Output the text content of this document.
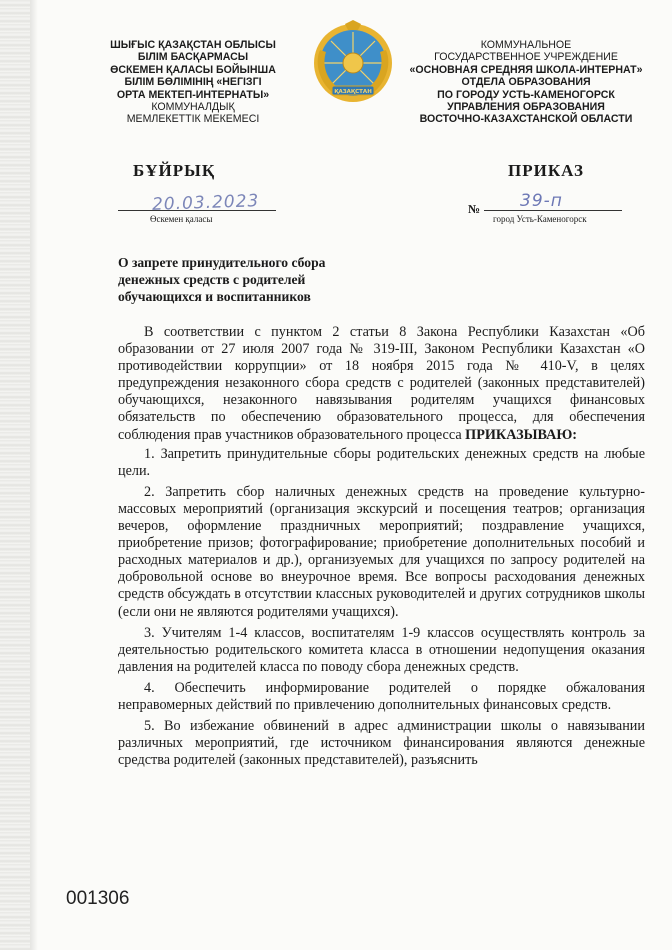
ШЫҒЫС ҚАЗАҚСТАН ОБЛЫСЫ
БІЛІМ БАСҚАРМАСЫ
ӨСКЕМЕН ҚАЛАСЫ БОЙЫНША
БІЛІМ БӨЛІМІНІҢ «НЕГІЗГІ
ОРТА МЕКТЕП-ИНТЕРНАТЫ»
КОММУНАЛДЫҚ
МЕМЛЕКЕТТІК МЕКЕМЕСІ
ҚАЗАҚСТАН
КОММУНАЛЬНОЕ
ГОСУДАРСТВЕННОЕ УЧРЕЖДЕНИЕ
«ОСНОВНАЯ СРЕДНЯЯ ШКОЛА-ИНТЕРНАТ»
ОТДЕЛА ОБРАЗОВАНИЯ
ПО ГОРОДУ УСТЬ-КАМЕНОГОРСК
УПРАВЛЕНИЯ ОБРАЗОВАНИЯ
ВОСТОЧНО-КАЗАХСТАНСКОЙ ОБЛАСТИ
БҰЙРЫҚ	ПРИКАЗ
20.03.2023
Өскемен қаласы
№ 39-п
город Усть-Каменогорск
О запрете принудительного сбора
денежных средств с родителей
обучающихся и воспитанников

В соответствии с пунктом 2 статьи 8 Закона Республики Казахстан «Об образовании от 27 июля 2007 года № 319-III, Законом Республики Казахстан «О противодействии коррупции» от 18 ноября 2015 года № 410-V, в целях предупреждения незаконного сбора средств с родителей (законных представителей) обучающихся, незаконного навязывания родителям учащихся финансовых обязательств по обеспечению образовательного процесса, для обеспечения соблюдения прав участников образовательного процесса ПРИКАЗЫВАЮ:

1. Запретить принудительные сборы родительских денежных средств на любые цели.

2. Запретить сбор наличных денежных средств на проведение культурно-массовых мероприятий (организация экскурсий и посещения театров; организация вечеров, оформление праздничных мероприятий; поздравление учащихся, приобретение призов; фотографирование; приобретение дополнительных пособий и расходных материалов и др.), организуемых для учащихся по запросу родителей на добровольной основе во внеурочное время. Все вопросы расходования денежных средств обсуждать в отсутствии классных руководителей и других сотрудников школы (если они не являются родителями учащихся).

3. Учителям 1-4 классов, воспитателям 1-9 классов осуществлять контроль за деятельностью родительского комитета класса в отношении недопущения оказания давления на родителей класса по поводу сбора денежных средств.

4. Обеспечить информирование родителей о порядке обжалования неправомерных действий по привлечению дополнительных финансовых средств.

5. Во избежание обвинений в адрес администрации школы о навязывании различных мероприятий, где источником финансирования являются денежные средства родителей (законных представителей), разъяснить

001306
